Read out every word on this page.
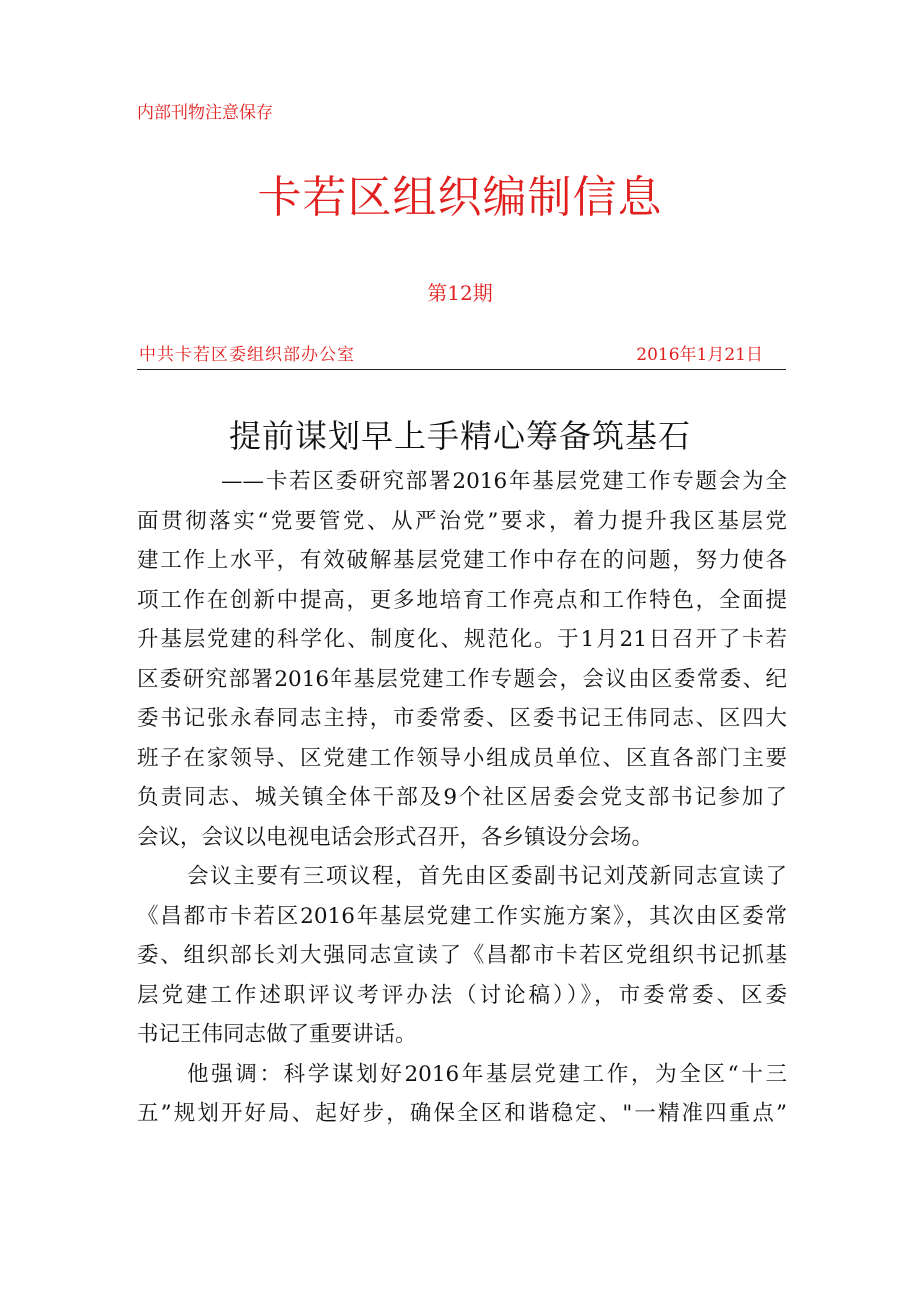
内部刊物注意保存
卡若区组织编制信息
第12期
中共卡若区委组织部办公室	2016年1月21日
提前谋划早上手精心筹备筑基石
——卡若区委研究部署2016年基层党建工作专题会为全
面贯彻落实“党要管党、从严治党”要求，着力提升我区基层党
建工作上水平，有效破解基层党建工作中存在的问题，努力使各
项工作在创新中提高，更多地培育工作亮点和工作特色，全面提
升基层党建的科学化、制度化、规范化。于1月21日召开了卡若
区委研究部署2016年基层党建工作专题会，会议由区委常委、纪
委书记张永春同志主持，市委常委、区委书记王伟同志、区四大
班子在家领导、区党建工作领导小组成员单位、区直各部门主要
负责同志、城关镇全体干部及9个社区居委会党支部书记参加了
会议，会议以电视电话会形式召开，各乡镇设分会场。
会议主要有三项议程，首先由区委副书记刘茂新同志宣读了
《昌都市卡若区2016年基层党建工作实施方案》，其次由区委常
委、组织部长刘大强同志宣读了《昌都市卡若区党组织书记抓基
层党建工作述职评议考评办法（讨论稿））》，市委常委、区委
书记王伟同志做了重要讲话。
他强调：科学谋划好2016年基层党建工作，为全区“十三
五”规划开好局、起好步，确保全区和谐稳定、"一精准四重点”
